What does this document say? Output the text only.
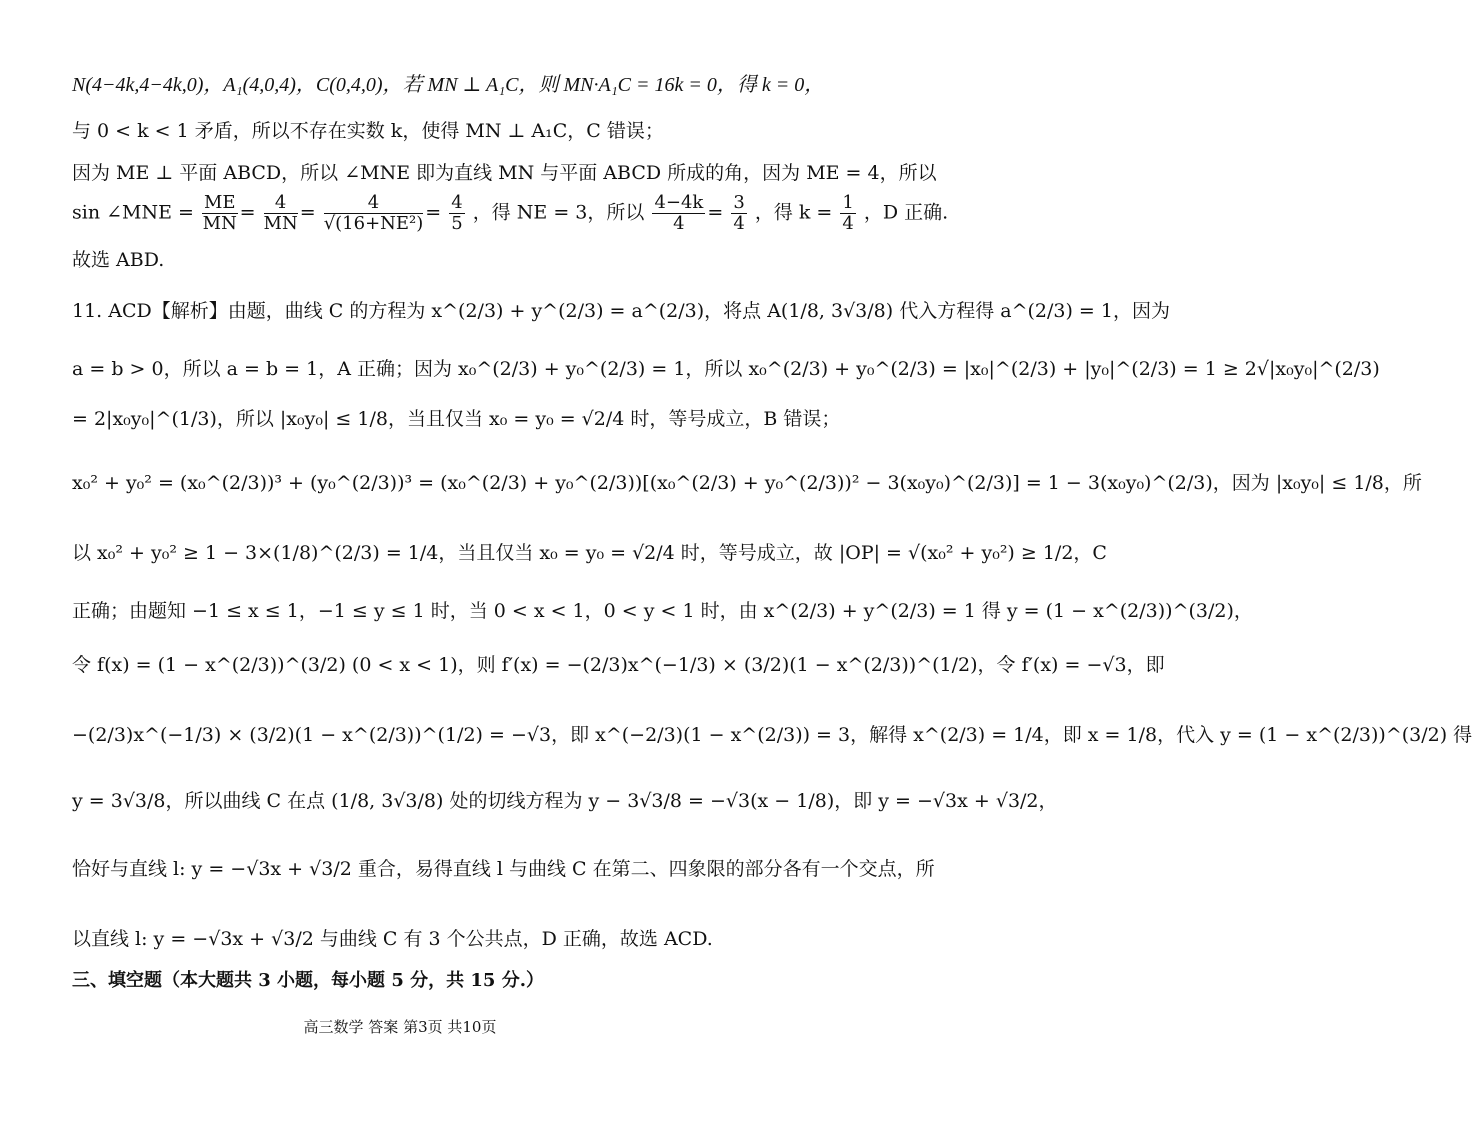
N(4−4k,4−4k,0)，A₁(4,0,4)，C(0,4,0)，若 MN ⊥ A₁C，则 MN·A₁C = 16k = 0，得 k = 0，
与 0 < k < 1 矛盾，所以不存在实数 k，使得 MN ⊥ A₁C，C 错误；
因为 ME ⊥ 平面 ABCD，所以 ∠MNE 即为直线 MN 与平面 ABCD 所成的角，因为 ME = 4，所以
sin ∠MNE = $\frac{ME}{MN} = \frac{4}{MN} = \frac{4}{\text{√(16+NE²)}} = \frac{4}{5}$ ，得 NE = 3，所以 $\frac{4-4k}{4} = \frac{3}{4}$ ，得 $k = \frac{1}{4}$ ，D 正确.
故选 ABD.
11. ACD【解析】由题，曲线 C 的方程为 x^(2/3) + y^(2/3) = a^(2/3)，将点 A(1/8, 3√3/8) 代入方程得 a^(2/3) = 1，因为
a = b > 0，所以 a = b = 1，A 正确；因为 x₀^(2/3) + y₀^(2/3) = 1，所以 x₀^(2/3) + y₀^(2/3) = |x₀|^(2/3) + |y₀|^(2/3) = 1 ≥ 2√|x₀y₀|^(2/3)
= 2|x₀y₀|^(1/3)，所以 |x₀y₀| ≤ 1/8，当且仅当 x₀ = y₀ = √2/4 时，等号成立，B 错误；
x₀² + y₀² = (x₀^(2/3))³ + (y₀^(2/3))³ = (x₀^(2/3) + y₀^(2/3))[(x₀^(2/3) + y₀^(2/3))² − 3(x₀y₀)^(2/3)] = 1 − 3(x₀y₀)^(2/3)，因为 |x₀y₀| ≤ 1/8，所
以 x₀² + y₀² ≥ 1 − 3×(1/8)^(2/3) = 1/4，当且仅当 x₀ = y₀ = √2/4 时，等号成立，故 |OP| = √(x₀² + y₀²) ≥ 1/2，C
正确；由题知 −1 ≤ x ≤ 1，−1 ≤ y ≤ 1 时，当 0 < x < 1，0 < y < 1 时，由 x^(2/3) + y^(2/3) = 1 得 y = (1 − x^(2/3))^(3/2)，
令 f(x) = (1 − x^(2/3))^(3/2) (0 < x < 1)，则 f′(x) = −(2/3)x^(−1/3) × (3/2)(1 − x^(2/3))^(1/2)，令 f′(x) = −√3，即
−(2/3)x^(−1/3) × (3/2)(1 − x^(2/3))^(1/2) = −√3，即 x^(−2/3)(1 − x^(2/3)) = 3，解得 x^(2/3) = 1/4，即 x = 1/8，代入 y = (1 − x^(2/3))^(3/2) 得
y = 3√3/8，所以曲线 C 在点 (1/8, 3√3/8) 处的切线方程为 y − 3√3/8 = −√3(x − 1/8)，即 y = −√3x + √3/2，
恰好与直线 l: y = −√3x + √3/2 重合，易得直线 l 与曲线 C 在第二、四象限的部分各有一个交点，所
以直线 l: y = −√3x + √3/2 与曲线 C 有 3 个公共点，D 正确，故选 ACD.
三、填空题（本大题共 3 小题，每小题 5 分，共 15 分.）
高三数学 答案 第3页 共10页
